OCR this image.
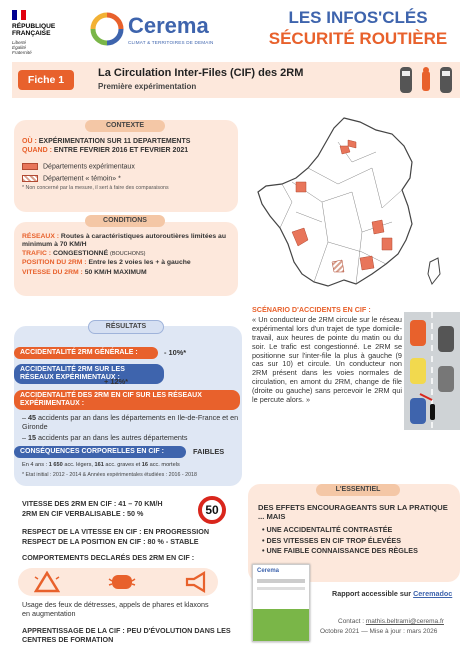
RÉPUBLIQUE
FRANÇAISE
Liberté
Égalité
Fraternité
Cerema
CLIMAT & TERRITOIRES DE DEMAIN
LES INFOS'CLÉS
SÉCURITÉ ROUTIÈRE
Fiche 1
La Circulation Inter-Files (CIF) des 2RM
Première expérimentation
CONTEXTE
OÙ : EXPÉRIMENTATION SUR 11 DEPARTEMENTS
QUAND : ENTRE FEVRIER 2016 ET FEVRIER 2021
Départements expérimentaux
Département « témoin» *
* Non concerné par la mesure, il sert à faire des comparaisons
CONDITIONS
RÉSEAUX : Routes à caractéristiques autoroutières limitées au minimum à 70 KM/H
TRAFIC : CONGESTIONNÉ (BOUCHONS)
POSITION DU 2RM : Entre les 2 voies les + à gauche
VITESSE DU 2RM : 50 KM/H MAXIMUM
RÉSULTATS
ACCIDENTALITÉ 2RM GÉNÉRALE :	- 10%*
ACCIDENTALITÉ 2RM SUR LES RÉSEAUX EXPÉRIMENTAUX :
+ 12%*
ACCIDENTALITÉ DES 2RM EN CIF SUR LES RÉSEAUX EXPÉRIMENTAUX :
– 45 accidents par an dans les départements en Ile-de-France et en Gironde
– 15 accidents par an dans les autres départements
CONSÉQUENCES CORPORELLES EN CIF :	FAIBLES
En 4 ans : 1 650 acc. légers, 161 acc. graves et 16 acc. mortels
* Etat initial : 2012 - 2014 & Années expérimentales étudiées : 2016 - 2018
VITESSE DES 2RM EN CIF : 41 – 70 KM/H
2RM EN CIF VERBALISABLE : 50 %	50
RESPECT DE LA VITESSE EN CIF : EN PROGRESSION
RESPECT DE LA POSITION EN CIF : 80 % - STABLE
COMPORTEMENTS DECLARÉS DES 2RM EN CIF :
Usage des feux de détresses, appels de phares et klaxons en augmentation
APPRENTISSAGE DE LA CIF : PEU D'ÉVOLUTION DANS LES CENTRES DE FORMATION
SCÉNARIO D'ACCIDENTS EN CIF :
« Un conducteur de 2RM circule sur le réseau expérimental lors d'un trajet de type domicile-travail, aux heures de pointe du matin ou du soir. Le trafic est congestionné. Le 2RM se positionne sur l'inter-file la plus à gauche (9 cas sur 10) et circule. Un conducteur non 2RM présent dans les voies normales de circulation, en amont du 2RM, change de file (droite ou gauche) sans percevoir le 2RM qui le percute alors. »
L'ESSENTIEL
DES EFFETS ENCOURAGEANTS SUR LA PRATIQUE ... MAIS
• UNE ACCIDENTALITÉ CONTRASTÉE
• DES VITESSES EN CIF TROP ÉLEVÉES
• UNE FAIBLE CONNAISSANCE DES RÈGLES
Cerema
Rapport accessible sur Ceremadoc
Contact : mathis.beltrami@cerema.fr
Octobre 2021 — Mise à jour : mars 2026
